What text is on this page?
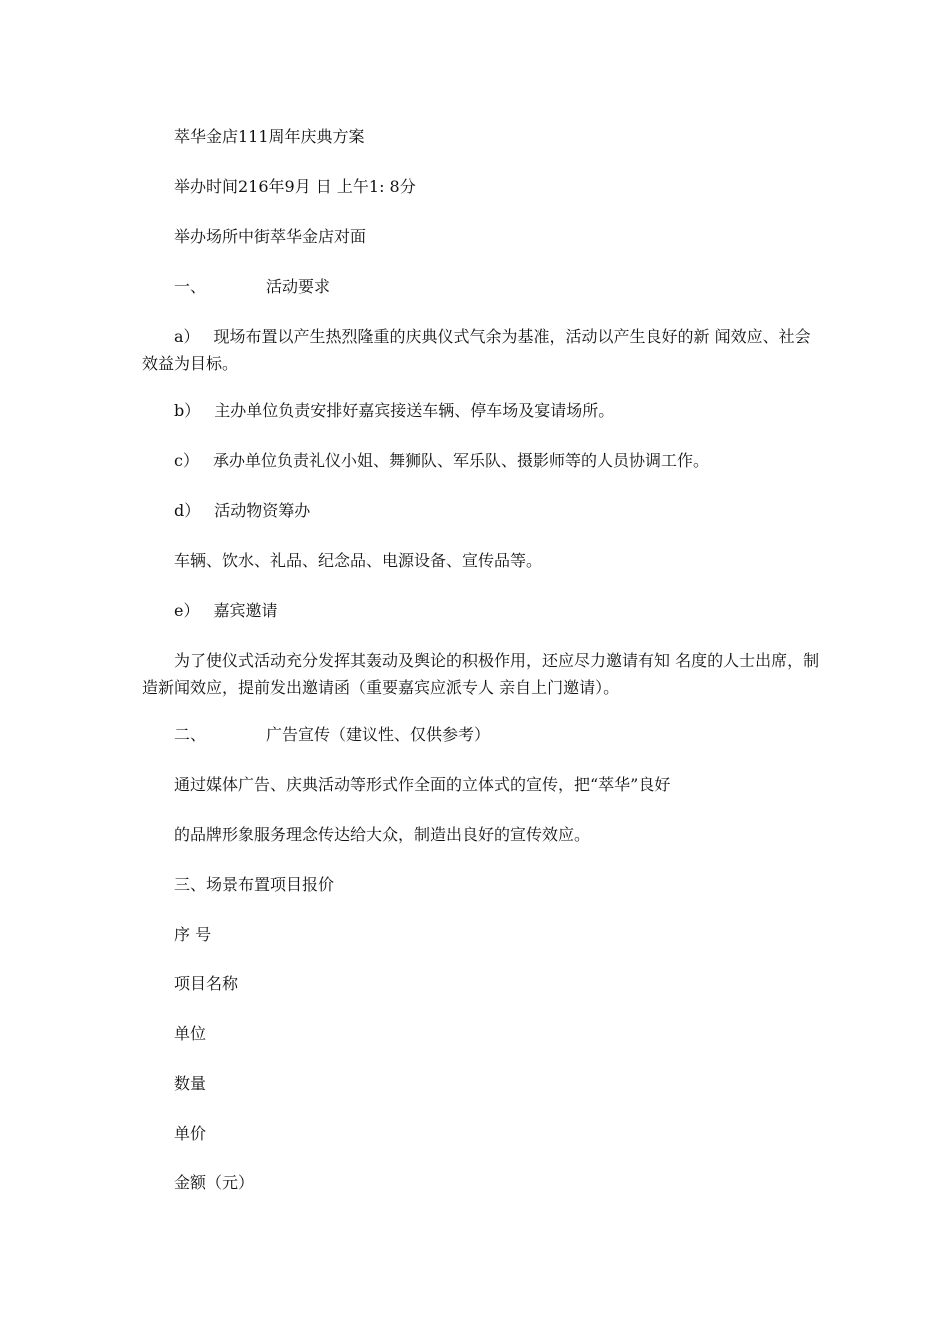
萃华金店111周年庆典方案
举办时间216年9月 日 上午1: 8分
举办场所中街萃华金店对面
一、	活动要求
a） 现场布置以产生热烈隆重的庆典仪式气余为基准，活动以产生良好的新 闻效应、社会效益为目标。
b） 主办单位负责安排好嘉宾接送车辆、停车场及宴请场所。
c） 承办单位负责礼仪小姐、舞狮队、军乐队、摄影师等的人员协调工作。
d） 活动物资筹办
车辆、饮水、礼品、纪念品、电源设备、宣传品等。
e） 嘉宾邀请
为了使仪式活动充分发挥其轰动及舆论的积极作用，还应尽力邀请有知 名度的人士出席，制造新闻效应，提前发出邀请函（重要嘉宾应派专人 亲自上门邀请）。
二、	广告宣传（建议性、仅供参考）
通过媒体广告、庆典活动等形式作全面的立体式的宣传，把“萃华”良好
的品牌形象服务理念传达给大众，制造出良好的宣传效应。
三、场景布置项目报价
序 号
项目名称
单位
数量
单价
金额（元）
